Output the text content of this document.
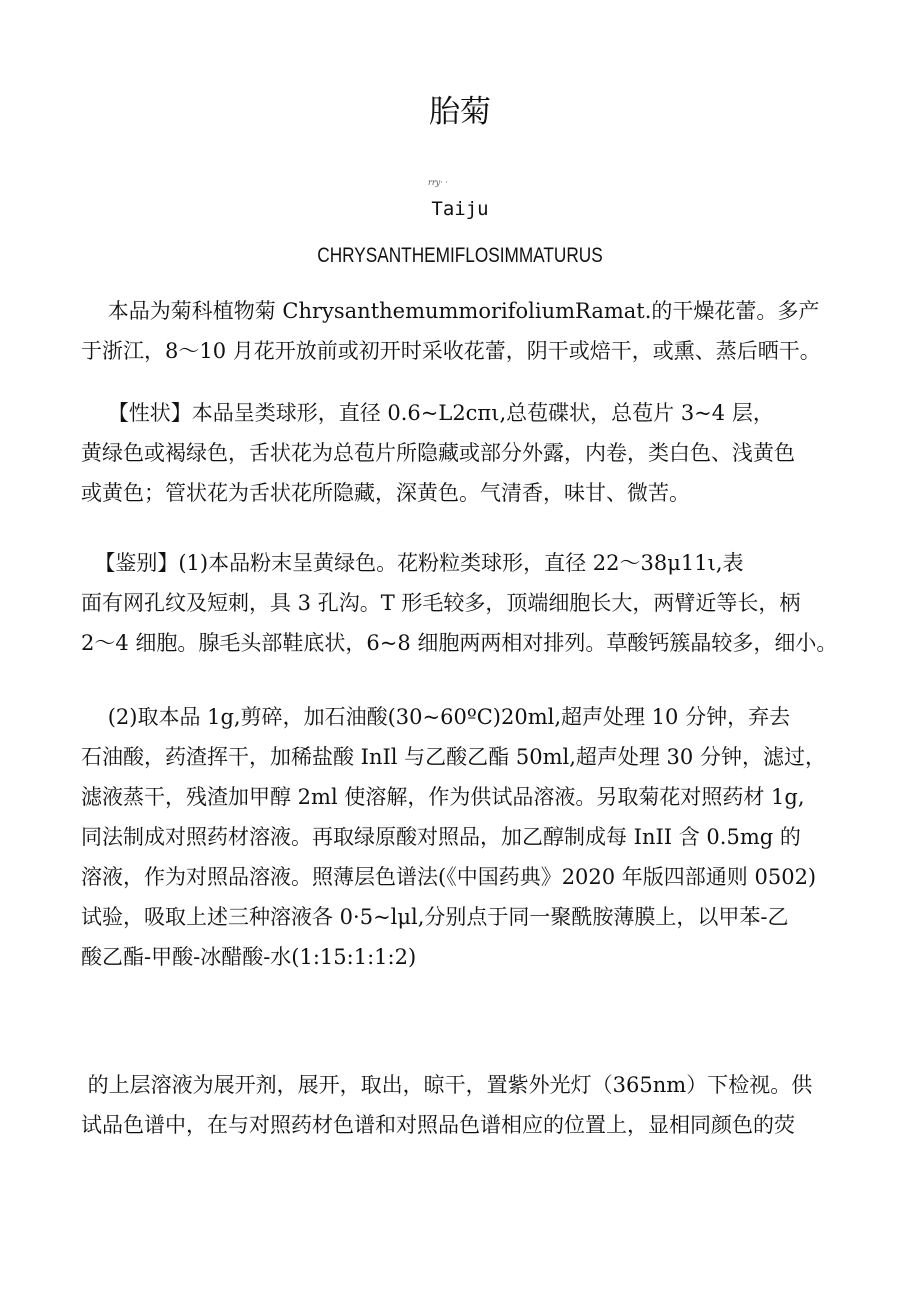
胎菊
rry· ·
Taiju
CHRYSANTHEMIFLOSIMMATURUS
本品为菊科植物菊 ChrysanthemummorifoliumRamat.的干燥花蕾。多产
于浙江，8～10 月花开放前或初开时采收花蕾，阴干或焙干，或熏、蒸后晒干。
【性状】本品呈类球形，直径 0.6~L2cπι,总苞碟状，总苞片 3~4 层，
黄绿色或褐绿色，舌状花为总苞片所隐藏或部分外露，内卷，类白色、浅黄色
或黄色；管状花为舌状花所隐藏，深黄色。气清香，味甘、微苦。
【鉴别】(1)本品粉末呈黄绿色。花粉粒类球形，直径 22～38μ11ι,表
面有网孔纹及短刺，具 3 孔沟。T 形毛较多，顶端细胞长大，两臂近等长，柄
2～4 细胞。腺毛头部鞋底状，6~8 细胞两两相对排列。草酸钙簇晶较多，细小。
(2)取本品 1g,剪碎，加石油酸(30~60ºC)20ml,超声处理 10 分钟，弃去
石油酸，药渣挥干，加稀盐酸 InIl 与乙酸乙酯 50ml,超声处理 30 分钟，滤过，
滤液蒸干，残渣加甲醇 2ml 使溶解，作为供试品溶液。另取菊花对照药材 1g,
同法制成对照药材溶液。再取绿原酸对照品，加乙醇制成每 InII 含 0.5mg 的
溶液，作为对照品溶液。照薄层色谱法(《中国药典》2020 年版四部通则 0502)
试验，吸取上述三种溶液各 0·5~lμl,分别点于同一聚酰胺薄膜上，以甲苯-乙
酸乙酯-甲酸-冰醋酸-水(1:15:1:1:2)
的上层溶液为展开剂，展开，取出，晾干，置紫外光灯（365nm）下检视。供
试品色谱中，在与对照药材色谱和对照品色谱相应的位置上，显相同颜色的荧
